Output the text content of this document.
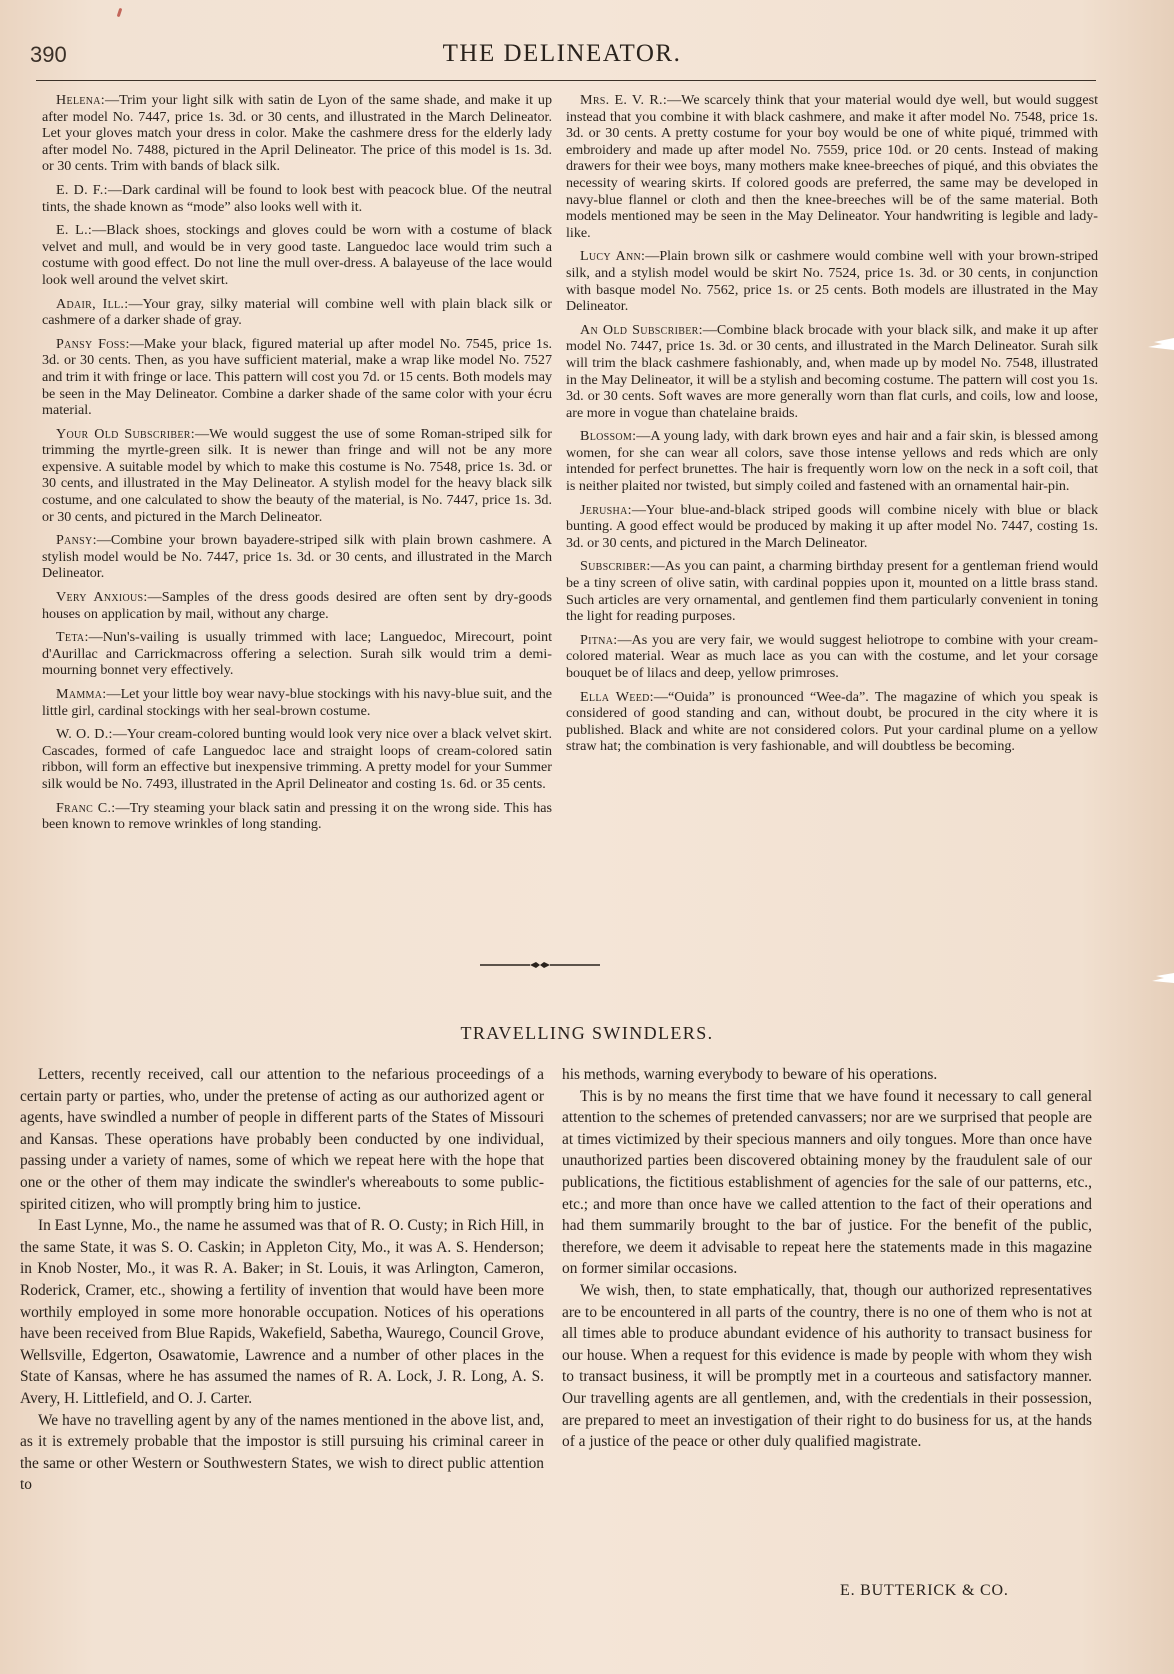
390	THE DELINEATOR.

Helena:—Trim your light silk with satin de Lyon of the same shade, and make it up after model No. 7447, price 1s. 3d. or 30 cents, and illustrated in the March Delineator. Let your gloves match your dress in color. Make the cashmere dress for the elderly lady after model No. 7488, pictured in the April Delineator. The price of this model is 1s. 3d. or 30 cents. Trim with bands of black silk.

E. D. F.:—Dark cardinal will be found to look best with peacock blue. Of the neutral tints, the shade known as “mode” also looks well with it.

E. L.:—Black shoes, stockings and gloves could be worn with a costume of black velvet and mull, and would be in very good taste. Languedoc lace would trim such a costume with good effect. Do not line the mull over-dress. A balayeuse of the lace would look well around the velvet skirt.

Adair, Ill.:—Your gray, silky material will combine well with plain black silk or cashmere of a darker shade of gray.

Pansy Foss:—Make your black, figured material up after model No. 7545, price 1s. 3d. or 30 cents. Then, as you have sufficient material, make a wrap like model No. 7527 and trim it with fringe or lace. This pattern will cost you 7d. or 15 cents. Both models may be seen in the May Delineator. Combine a darker shade of the same color with your écru material.

Your Old Subscriber:—We would suggest the use of some Roman-striped silk for trimming the myrtle-green silk. It is newer than fringe and will not be any more expensive. A suitable model by which to make this costume is No. 7548, price 1s. 3d. or 30 cents, and illustrated in the May Delineator. A stylish model for the heavy black silk costume, and one calculated to show the beauty of the material, is No. 7447, price 1s. 3d. or 30 cents, and pictured in the March Delineator.

Pansy:—Combine your brown bayadere-striped silk with plain brown cashmere. A stylish model would be No. 7447, price 1s. 3d. or 30 cents, and illustrated in the March Delineator.

Very Anxious:—Samples of the dress goods desired are often sent by dry-goods houses on application by mail, without any charge.

Teta:—Nun's-vailing is usually trimmed with lace; Languedoc, Mirecourt, point d'Aurillac and Carrickmacross offering a selection. Surah silk would trim a demi-mourning bonnet very effectively.

Mamma:—Let your little boy wear navy-blue stockings with his navy-blue suit, and the little girl, cardinal stockings with her seal-brown costume.

W. O. D.:—Your cream-colored bunting would look very nice over a black velvet skirt. Cascades, formed of cafe Languedoc lace and straight loops of cream-colored satin ribbon, will form an effective but inexpensive trimming. A pretty model for your Summer silk would be No. 7493, illustrated in the April Delineator and costing 1s. 6d. or 35 cents.

Franc C.:—Try steaming your black satin and pressing it on the wrong side. This has been known to remove wrinkles of long standing.

Mrs. E. V. R.:—We scarcely think that your material would dye well, but would suggest instead that you combine it with black cashmere, and make it after model No. 7548, price 1s. 3d. or 30 cents. A pretty costume for your boy would be one of white piqué, trimmed with embroidery and made up after model No. 7559, price 10d. or 20 cents. Instead of making drawers for their wee boys, many mothers make knee-breeches of piqué, and this obviates the necessity of wearing skirts. If colored goods are preferred, the same may be developed in navy-blue flannel or cloth and then the knee-breeches will be of the same material. Both models mentioned may be seen in the May Delineator. Your handwriting is legible and lady-like.

Lucy Ann:—Plain brown silk or cashmere would combine well with your brown-striped silk, and a stylish model would be skirt No. 7524, price 1s. 3d. or 30 cents, in conjunction with basque model No. 7562, price 1s. or 25 cents. Both models are illustrated in the May Delineator.

An Old Subscriber:—Combine black brocade with your black silk, and make it up after model No. 7447, price 1s. 3d. or 30 cents, and illustrated in the March Delineator. Surah silk will trim the black cashmere fashionably, and, when made up by model No. 7548, illustrated in the May Delineator, it will be a stylish and becoming costume. The pattern will cost you 1s. 3d. or 30 cents. Soft waves are more generally worn than flat curls, and coils, low and loose, are more in vogue than chatelaine braids.

Blossom:—A young lady, with dark brown eyes and hair and a fair skin, is blessed among women, for she can wear all colors, save those intense yellows and reds which are only intended for perfect brunettes. The hair is frequently worn low on the neck in a soft coil, that is neither plaited nor twisted, but simply coiled and fastened with an ornamental hair-pin.

Jerusha:—Your blue-and-black striped goods will combine nicely with blue or black bunting. A good effect would be produced by making it up after model No. 7447, costing 1s. 3d. or 30 cents, and pictured in the March Delineator.

Subscriber:—As you can paint, a charming birthday present for a gentleman friend would be a tiny screen of olive satin, with cardinal poppies upon it, mounted on a little brass stand. Such articles are very ornamental, and gentlemen find them particularly convenient in toning the light for reading purposes.

Pitna:—As you are very fair, we would suggest heliotrope to combine with your cream-colored material. Wear as much lace as you can with the costume, and let your corsage bouquet be of lilacs and deep, yellow primroses.

Ella Weed:—“Ouida” is pronounced “Wee-da”. The magazine of which you speak is considered of good standing and can, without doubt, be procured in the city where it is published. Black and white are not considered colors. Put your cardinal plume on a yellow straw hat; the combination is very fashionable, and will doubtless be becoming.

TRAVELLING SWINDLERS.

Letters, recently received, call our attention to the nefarious proceedings of a certain party or parties, who, under the pretense of acting as our authorized agent or agents, have swindled a number of people in different parts of the States of Missouri and Kansas. These operations have probably been conducted by one individual, passing under a variety of names, some of which we repeat here with the hope that one or the other of them may indicate the swindler's whereabouts to some public-spirited citizen, who will promptly bring him to justice.

In East Lynne, Mo., the name he assumed was that of R. O. Custy; in Rich Hill, in the same State, it was S. O. Caskin; in Appleton City, Mo., it was A. S. Henderson; in Knob Noster, Mo., it was R. A. Baker; in St. Louis, it was Arlington, Cameron, Roderick, Cramer, etc., showing a fertility of invention that would have been more worthily employed in some more honorable occupation. Notices of his operations have been received from Blue Rapids, Wakefield, Sabetha, Waurego, Council Grove, Wellsville, Edgerton, Osawatomie, Lawrence and a number of other places in the State of Kansas, where he has assumed the names of R. A. Lock, J. R. Long, A. S. Avery, H. Littlefield, and O. J. Carter.

We have no travelling agent by any of the names mentioned in the above list, and, as it is extremely probable that the impostor is still pursuing his criminal career in the same or other Western or Southwestern States, we wish to direct public attention to

his methods, warning everybody to beware of his operations.

This is by no means the first time that we have found it necessary to call general attention to the schemes of pretended canvassers; nor are we surprised that people are at times victimized by their specious manners and oily tongues. More than once have unauthorized parties been discovered obtaining money by the fraudulent sale of our publications, the fictitious establishment of agencies for the sale of our patterns, etc., etc.; and more than once have we called attention to the fact of their operations and had them summarily brought to the bar of justice. For the benefit of the public, therefore, we deem it advisable to repeat here the statements made in this magazine on former similar occasions.

We wish, then, to state emphatically, that, though our authorized representatives are to be encountered in all parts of the country, there is no one of them who is not at all times able to produce abundant evidence of his authority to transact business for our house. When a request for this evidence is made by people with whom they wish to transact business, it will be promptly met in a courteous and satisfactory manner. Our travelling agents are all gentlemen, and, with the credentials in their possession, are prepared to meet an investigation of their right to do business for us, at the hands of a justice of the peace or other duly qualified magistrate.

E. BUTTERICK & CO.
